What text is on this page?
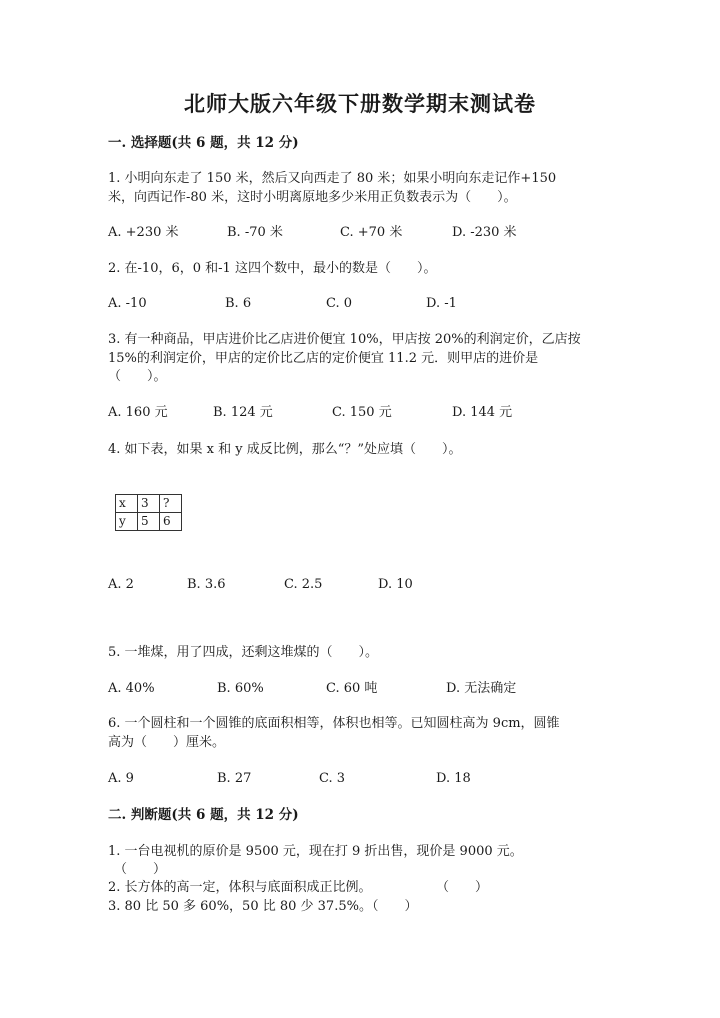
北师大版六年级下册数学期末测试卷
一. 选择题(共 6 题，共 12 分)
1. 小明向东走了 150 米，然后又向西走了 80 米；如果小明向东走记作+150
米，向西记作-80 米，这时小明离原地多少米用正负数表示为（　　）。
A. +230 米	B. -70 米	C. +70 米	D. -230 米
2. 在-10，6，0 和-1 这四个数中，最小的数是（　　）。
A. -10	B. 6	C. 0	D. -1
3. 有一种商品，甲店进价比乙店进价便宜 10%，甲店按 20%的利润定价，乙店按
15%的利润定价，甲店的定价比乙店的定价便宜 11.2 元．则甲店的进价是
（　　）。
A. 160 元	B. 124 元	C. 150 元	D. 144 元
4. 如下表，如果 x 和 y 成反比例，那么“？”处应填（　　）。
x	3	?
y	5	6
A. 2	B. 3.6	C. 2.5	D. 10
5. 一堆煤，用了四成，还剩这堆煤的（　　）。
A. 40%	B. 60%	C. 60 吨	D. 无法确定
6. 一个圆柱和一个圆锥的底面积相等，体积也相等。已知圆柱高为 9cm，圆锥
高为（　　）厘米。
A. 9	B. 27	C. 3	D. 18
二. 判断题(共 6 题，共 12 分)
1. 一台电视机的原价是 9500 元，现在打 9 折出售，现价是 9000 元。
（　　）
2. 长方体的高一定，体积与底面积成正比例。	（　　）
3. 80 比 50 多 60%，50 比 80 少 37.5%。（　　）
